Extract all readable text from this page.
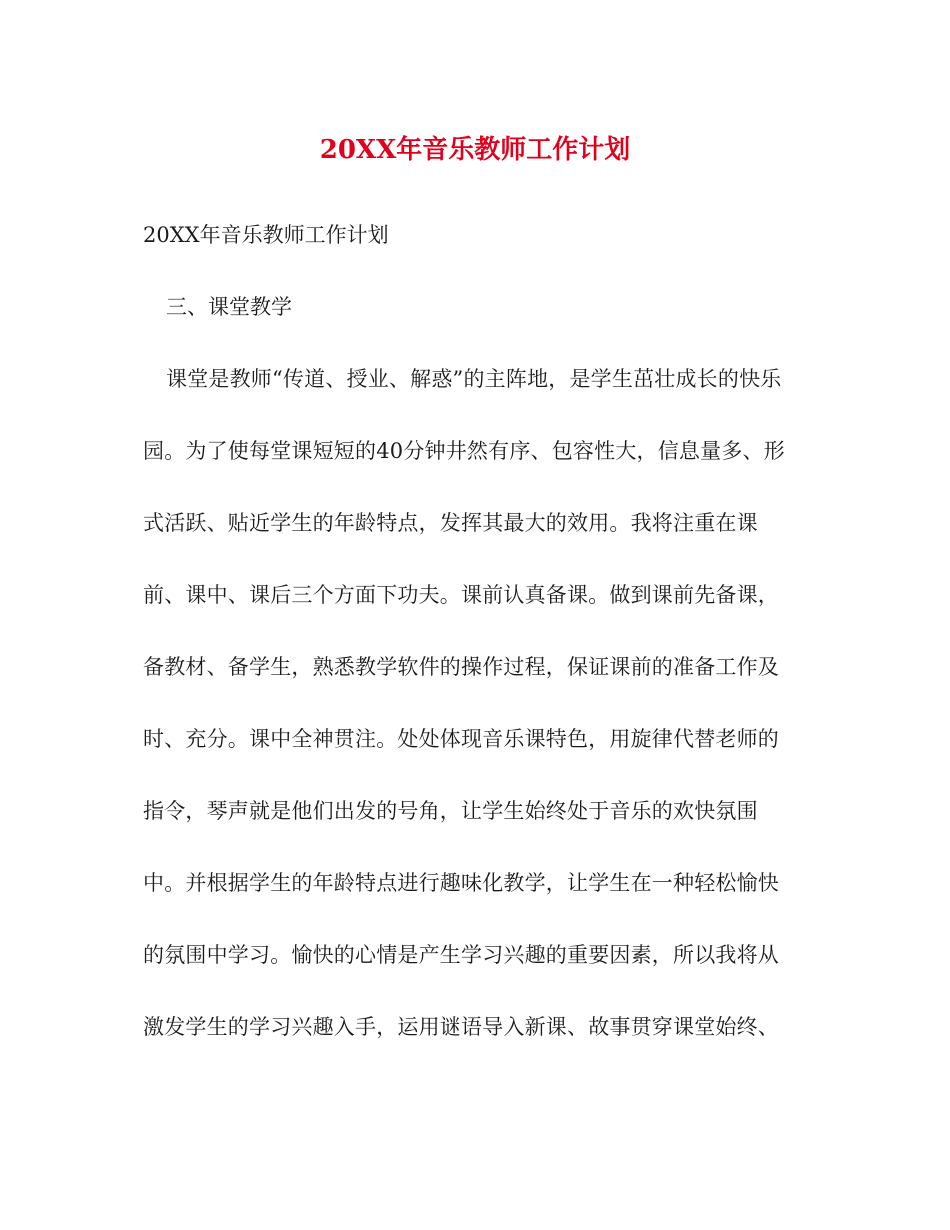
20XX年音乐教师工作计划

20XX年音乐教师工作计划

三、课堂教学

课堂是教师“传道、授业、解惑”的主阵地，是学生茁壮成长的快乐
园。为了使每堂课短短的40分钟井然有序、包容性大，信息量多、形
式活跃、贴近学生的年龄特点，发挥其最大的效用。我将注重在课
前、课中、课后三个方面下功夫。课前认真备课。做到课前先备课，
备教材、备学生，熟悉教学软件的操作过程，保证课前的准备工作及
时、充分。课中全神贯注。处处体现音乐课特色，用旋律代替老师的
指令，琴声就是他们出发的号角，让学生始终处于音乐的欢快氛围
中。并根据学生的年龄特点进行趣味化教学，让学生在一种轻松愉快
的氛围中学习。愉快的心情是产生学习兴趣的重要因素，所以我将从
激发学生的学习兴趣入手，运用谜语导入新课、故事贯穿课堂始终、
